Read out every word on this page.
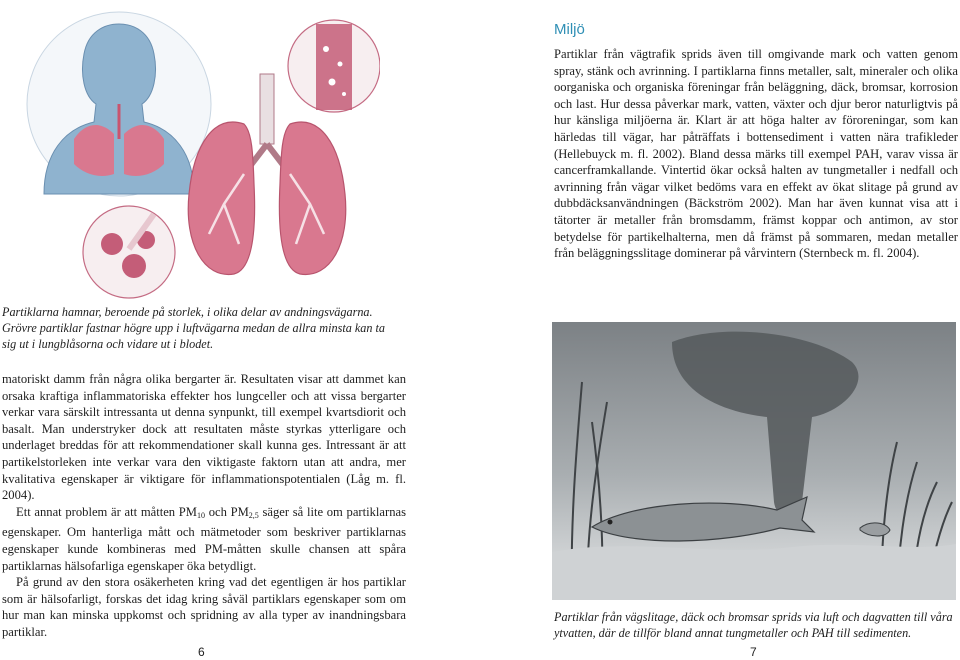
Partiklarna hamnar, beroende på storlek, i olika delar av andningsvägarna. Grövre partiklar fastnar högre upp i luftvägarna medan de allra minsta kan ta sig ut i lungblåsorna och vidare ut i blodet.

matoriskt damm från några olika bergarter är. Resultaten visar att dammet kan orsaka kraftiga inflammatoriska effekter hos lungceller och att vissa bergarter verkar vara särskilt intressanta ut denna synpunkt, till exempel kvartsdiorit och basalt. Man understryker dock att resultaten måste styrkas ytterligare och underlaget breddas för att rekommendationer skall kunna ges. Intressant är att partikelstorleken inte verkar vara den viktigaste faktorn utan att andra, mer kvalitativa egenskaper är viktigare för inflammationspotentialen (Låg m. fl. 2004).

Ett annat problem är att måtten $PM_{10}$ och $PM_{2,5}$ säger så lite om partiklarnas egenskaper. Om hanterliga mått och mätmetoder som beskriver partiklarnas egenskaper kunde kombineras med PM-måtten skulle chansen att spåra partiklarnas hälsofarliga egenskaper öka betydligt.

På grund av den stora osäkerheten kring vad det egentligen är hos partiklar som är hälsofarligt, forskas det idag kring såväl partiklars egenskaper som om hur man kan minska uppkomst och spridning av alla typer av inandningsbara partiklar.

6
Miljö

Partiklar från vägtrafik sprids även till omgivande mark och vatten genom spray, stänk och avrinning. I partiklarna finns metaller, salt, mineraler och olika oorganiska och organiska föreningar från beläggning, däck, bromsar, korrosion och last. Hur dessa påverkar mark, vatten, växter och djur beror naturligtvis på hur känsliga miljöerna är. Klart är att höga halter av föroreningar, som kan härledas till vägar, har påträffats i bottensediment i vatten nära trafikleder (Hellebuyck m. fl. 2002). Bland dessa märks till exempel PAH, varav vissa är cancerframkallande. Vintertid ökar också halten av tungmetaller i nedfall och avrinning från vägar vilket bedöms vara en effekt av ökat slitage på grund av dubbdäcksanvändningen (Bäckström 2002). Man har även kunnat visa att i tätorter är metaller från bromsdamm, främst koppar och antimon, av stor betydelse för partikelhalterna, men då främst på sommaren, medan metaller från beläggningsslitage dominerar på vårvintern (Sternbeck m. fl. 2004).

Partiklar från vägslitage, däck och bromsar sprids via luft och dagvatten till våra ytvatten, där de tillför bland annat tungmetaller och PAH till sedimenten.

7
